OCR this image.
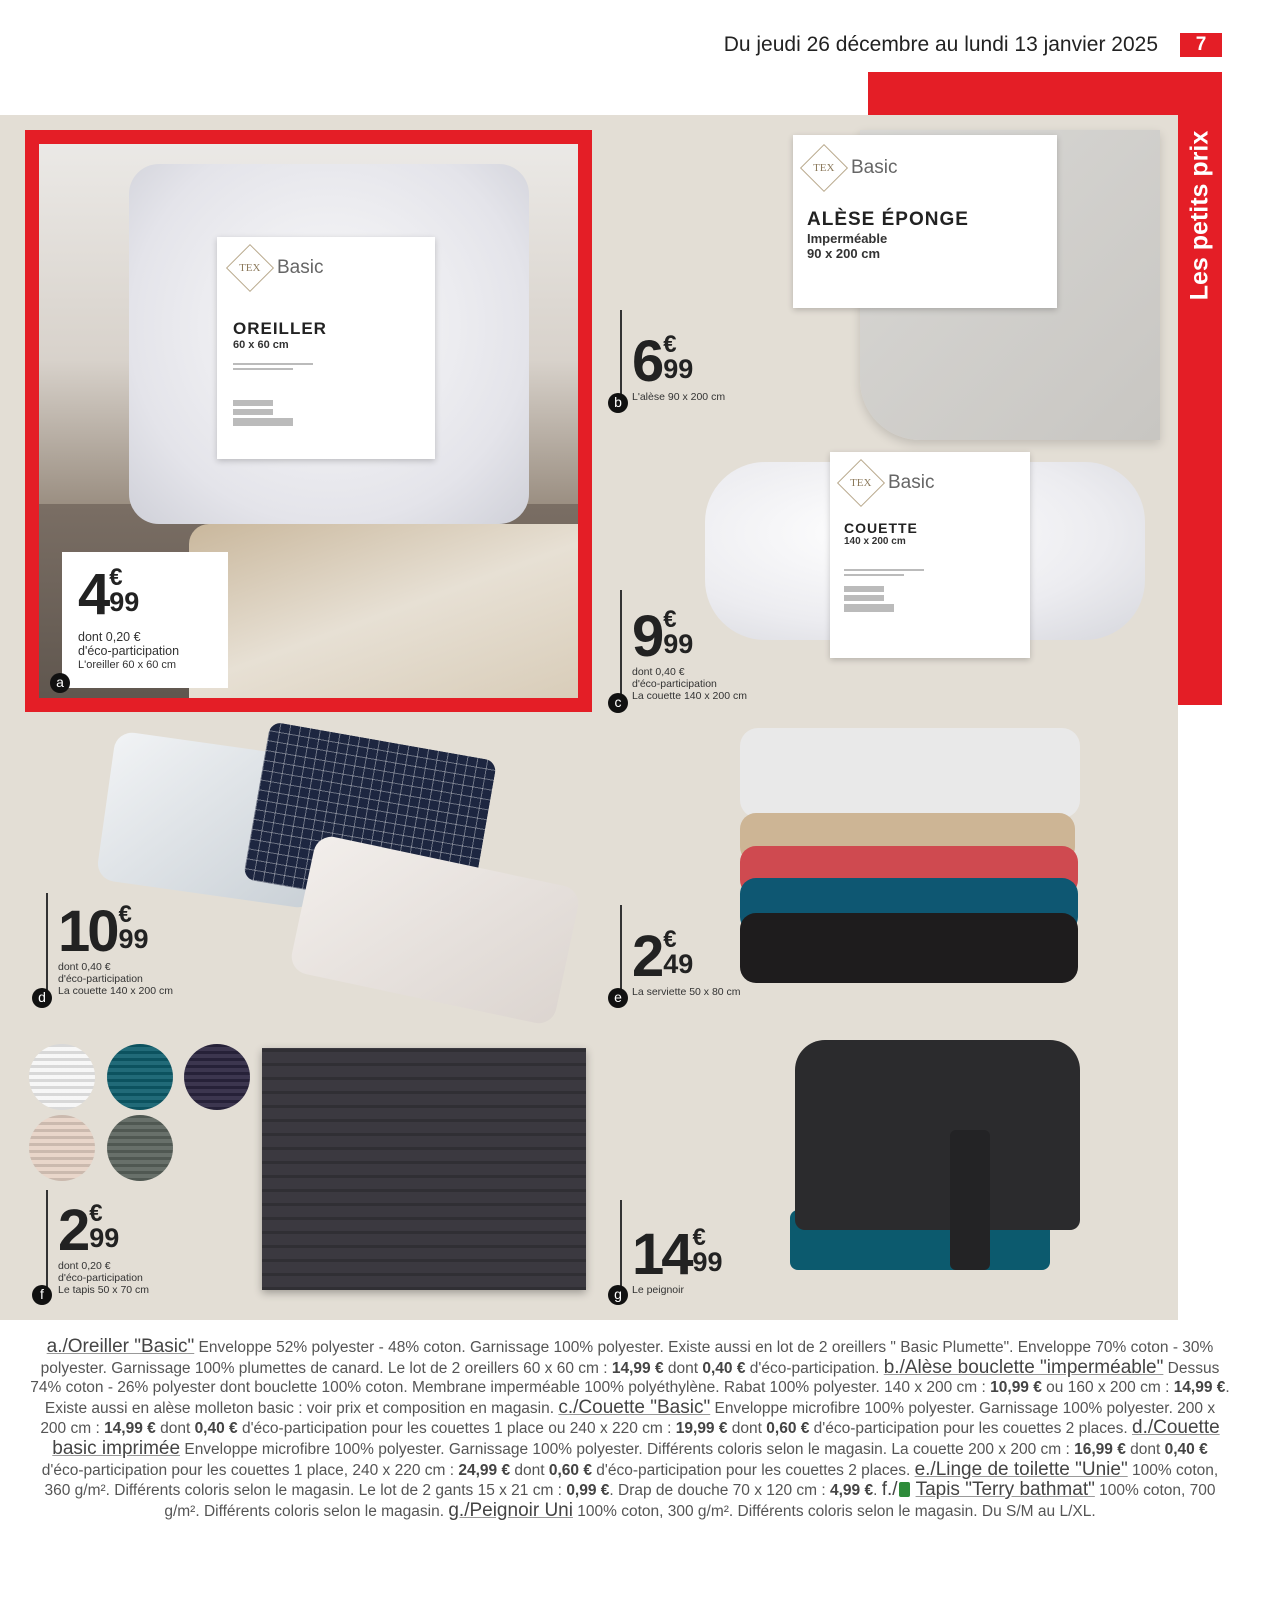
Du jeudi 26 décembre au lundi 13 janvier 2025	7
Les petits prix
TEX Basic
OREILLER
60 x 60 cm
TEX Basic
ALÈSE ÉPONGE
Imperméable
90 x 200 cm
TEX Basic
COUETTE
140 x 200 cm
4 €
99
dont 0,20 €
d'éco-participation
L'oreiller 60 x 60 cm
a
6 €
99
L'alèse 90 x 200 cm
b
9 €
99
dont 0,40 €
d'éco-participation
La couette 140 x 200 cm
c
10 €
99
dont 0,40 €
d'éco-participation
La couette 140 x 200 cm
d
2 €
49
La serviette 50 x 80 cm
e
2 €
99
dont 0,20 €
d'éco-participation
Le tapis 50 x 70 cm
f
14 €
99
Le peignoir
g
a./Oreiller "Basic" Enveloppe 52% polyester - 48% coton. Garnissage 100% polyester. Existe aussi en lot de 2 oreillers " Basic Plumette". Enveloppe 70% coton - 30% polyester. Garnissage 100% plumettes de canard. Le lot de 2 oreillers 60 x 60 cm : 14,99 € dont 0,40 € d'éco-participation. b./Alèse bouclette "imperméable" Dessus 74% coton - 26% polyester dont bouclette 100% coton. Membrane imperméable 100% polyéthylène. Rabat 100% polyester. 140 x 200 cm : 10,99 € ou 160 x 200 cm : 14,99 €. Existe aussi en alèse molleton basic : voir prix et composition en magasin. c./Couette "Basic" Enveloppe microfibre 100% polyester. Garnissage 100% polyester. 200 x 200 cm : 14,99 € dont 0,40 € d'éco-participation pour les couettes 1 place ou 240 x 220 cm : 19,99 € dont 0,60 € d'éco-participation pour les couettes 2 places. d./Couette basic imprimée Enveloppe microfibre 100% polyester. Garnissage 100% polyester. Différents coloris selon le magasin. La couette 200 x 200 cm : 16,99 € dont 0,40 € d'éco-participation pour les couettes 1 place, 240 x 220 cm : 24,99 € dont 0,60 € d'éco-participation pour les couettes 2 places. e./Linge de toilette "Unie" 100% coton, 360 g/m². Différents coloris selon le magasin. Le lot de 2 gants 15 x 21 cm : 0,99 €. Drap de douche 70 x 120 cm : 4,99 €. f./ Tapis "Terry bathmat" 100% coton, 700 g/m². Différents coloris selon le magasin. g./Peignoir Uni 100% coton, 300 g/m². Différents coloris selon le magasin. Du S/M au L/XL.
